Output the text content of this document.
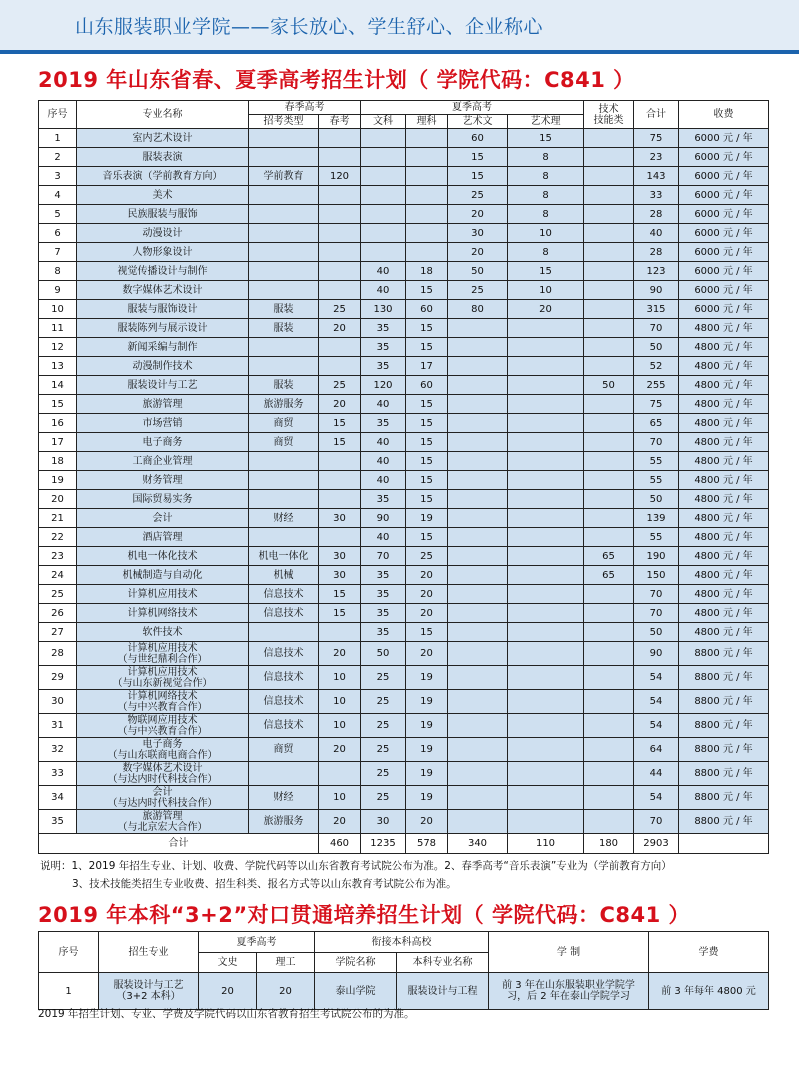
山东服装职业学院——家长放心、学生舒心、企业称心
2019 年山东省春、夏季高考招生计划（ 学院代码：C841 ）
序号	专业名称	春季高考		夏季高考				技术
技能类	合计	收费
		招考类型	春考	文科	理科	艺术文	艺术理			
1	室内艺术设计					60	15		75	6000 元 / 年
2	服装表演					15	8		23	6000 元 / 年
3	音乐表演（学前教育方向）	学前教育	120			15	8		143	6000 元 / 年
4	美术					25	8		33	6000 元 / 年
5	民族服装与服饰					20	8		28	6000 元 / 年
6	动漫设计					30	10		40	6000 元 / 年
7	人物形象设计					20	8		28	6000 元 / 年
8	视觉传播设计与制作			40	18	50	15		123	6000 元 / 年
9	数字媒体艺术设计			40	15	25	10		90	6000 元 / 年
10	服装与服饰设计	服装	25	130	60	80	20		315	6000 元 / 年
11	服装陈列与展示设计	服装	20	35	15				70	4800 元 / 年
12	新闻采编与制作			35	15				50	4800 元 / 年
13	动漫制作技术			35	17				52	4800 元 / 年
14	服装设计与工艺	服装	25	120	60			50	255	4800 元 / 年
15	旅游管理	旅游服务	20	40	15				75	4800 元 / 年
16	市场营销	商贸	15	35	15				65	4800 元 / 年
17	电子商务	商贸	15	40	15				70	4800 元 / 年
18	工商企业管理			40	15				55	4800 元 / 年
19	财务管理			40	15				55	4800 元 / 年
20	国际贸易实务			35	15				50	4800 元 / 年
21	会计	财经	30	90	19				139	4800 元 / 年
22	酒店管理			40	15				55	4800 元 / 年
23	机电一体化技术	机电一体化	30	70	25			65	190	4800 元 / 年
24	机械制造与自动化	机械	30	35	20			65	150	4800 元 / 年
25	计算机应用技术	信息技术	15	35	20				70	4800 元 / 年
26	计算机网络技术	信息技术	15	35	20				70	4800 元 / 年
27	软件技术			35	15				50	4800 元 / 年
28	计算机应用技术
（与世纪鼎利合作）	信息技术	20	50	20				90	8800 元 / 年
29	计算机应用技术
（与山东新视觉合作）	信息技术	10	25	19				54	8800 元 / 年
30	计算机网络技术
（与中兴教育合作）	信息技术	10	25	19				54	8800 元 / 年
31	物联网应用技术
（与中兴教育合作）	信息技术	10	25	19				54	8800 元 / 年
32	电子商务
（与山东联商电商合作）	商贸	20	25	19				64	8800 元 / 年
33	数字媒体艺术设计
（与达内时代科技合作）			25	19				44	8800 元 / 年
34	会计
（与达内时代科技合作）	财经	10	25	19				54	8800 元 / 年
35	旅游管理
（与北京宏大合作）	旅游服务	20	30	20				70	8800 元 / 年
合计			460	1235	578	340	110	180	2903	
说明：1、2019 年招生专业、计划、收费、学院代码等以山东省教育考试院公布为准。2、春季高考“音乐表演”专业为（学前教育方向）
3、技术技能类招生专业收费、招生科类、报名方式等以山东教育考试院公布为准。
2019 年本科“3+2”对口贯通培养招生计划（ 学院代码：C841 ）
序号	招生专业	夏季高考		衔接本科高校		学 制	学费
		文史	理工	学院名称	本科专业名称		
1	服装设计与工艺
（3+2 本科）	20	20	泰山学院	服装设计与工程	前 3 年在山东服装职业学院学习，后 2 年在泰山学院学习	前 3 年每年 4800 元
2019 年招生计划、专业、学费及学院代码以山东省教育招生考试院公布的为准。
